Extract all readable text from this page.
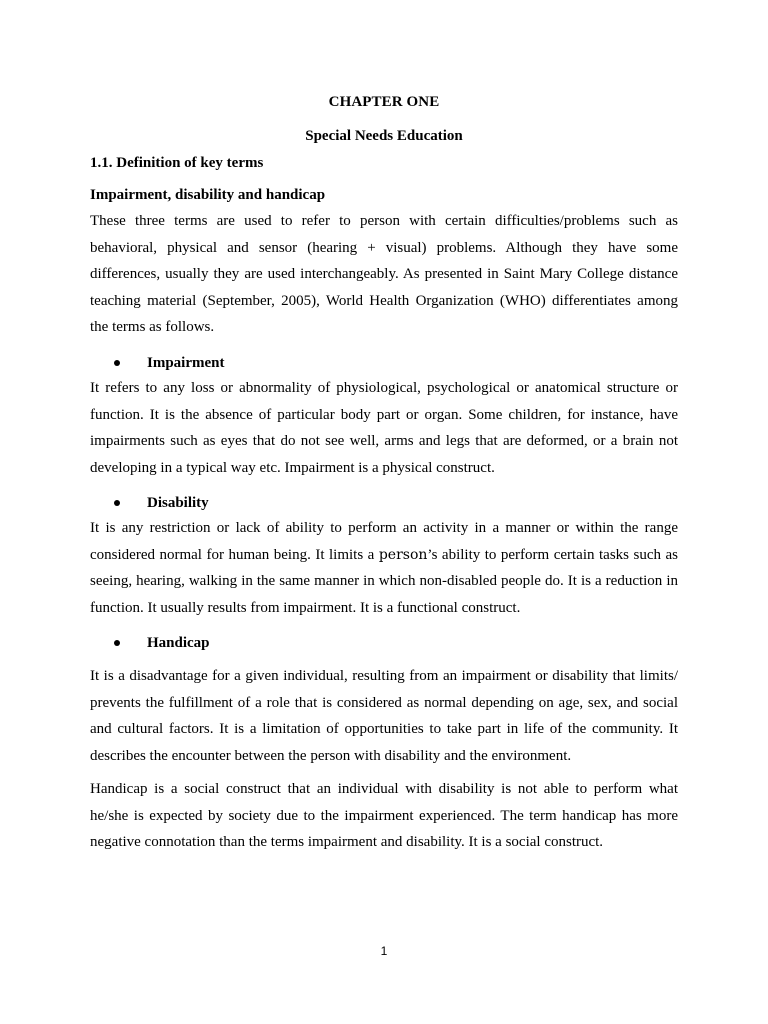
CHAPTER ONE
Special Needs Education
1.1. Definition of key terms
Impairment, disability and handicap
These three terms are used to refer to person with certain difficulties/problems such as
behavioral, physical and sensor (hearing + visual) problems. Although they have some
differences, usually they are used interchangeably. As presented in Saint Mary College distance
teaching material (September, 2005), World Health Organization (WHO) differentiates among
the terms as follows.
Impairment
It refers to any loss or abnormality of physiological, psychological or anatomical structure or
function. It is the absence of particular body part or organ. Some children, for instance, have
impairments such as eyes that do not see well, arms and legs that are deformed, or a brain not
developing in a typical way etc. Impairment is a physical construct.
Disability
It is any restriction or lack of ability to perform an activity in a manner or within the range
considered normal for human being. It limits a person’s ability to perform certain tasks such as
seeing, hearing, walking in the same manner in which non-disabled people do. It is a reduction in
function. It usually results from impairment. It is a functional construct.
Handicap
It is a disadvantage for a given individual, resulting from an impairment or disability that limits/
prevents the fulfillment of a role that is considered as normal depending on age, sex, and social
and cultural factors. It is a limitation of opportunities to take part in life of the community. It
describes the encounter between the person with disability and the environment.
Handicap is a social construct that an individual with disability is not able to perform what
he/she is expected by society due to the impairment experienced. The term handicap has more
negative connotation than the terms impairment and disability. It is a social construct.
1
